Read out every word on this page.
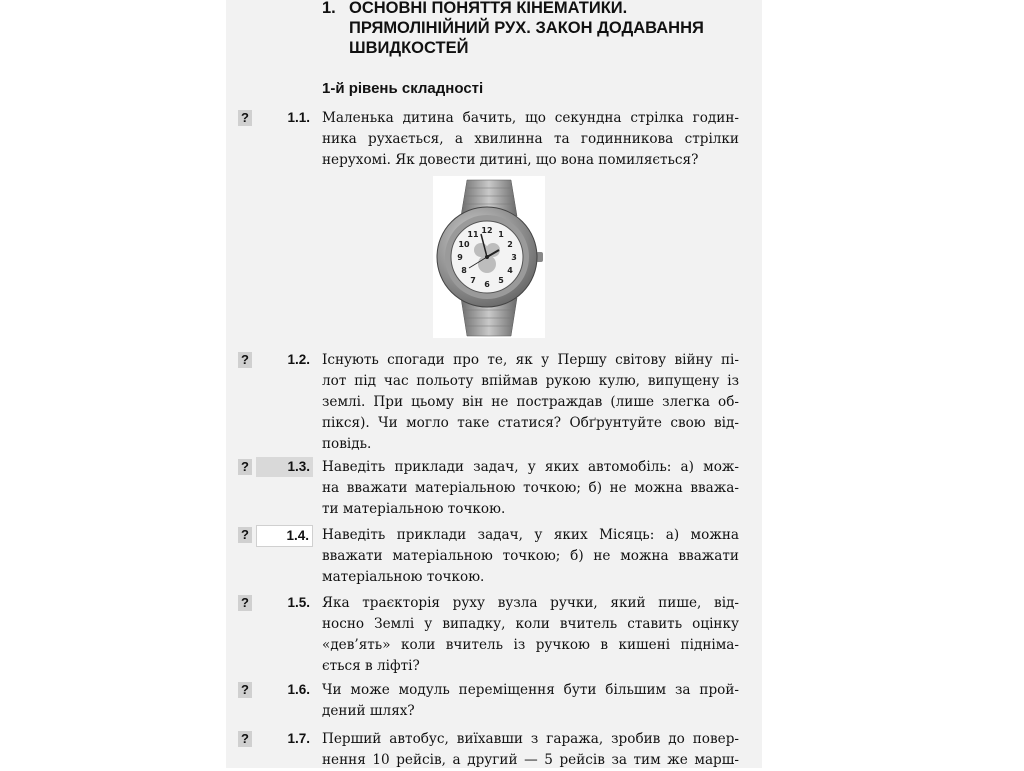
1. ОСНОВНІ ПОНЯТТЯ КІНЕМАТИКИ.
ПРЯМОЛІНІЙНИЙ РУХ. ЗАКОН ДОДАВАННЯ
ШВИДКОСТЕЙ
1-й рівень складності
?	1.1. Маленька дитина бачить, що секундна стрілка годин-
ника рухається, а хвилинна та годинникова стрілки
нерухомі. Як довести дитині, що вона помиляється?
12 1
2
3
4
5
6
7
8
9
10
11
?	1.2. Існують спогади про те, як у Першу світову війну пі-
лот під час польоту впіймав рукою кулю, випущену із
землі. При цьому він не постраждав (лише злегка об-
пікся). Чи могло таке статися? Обґрунтуйте свою від-
повідь.
?	1.3. Наведіть приклади задач, у яких автомобіль: а) мож-
на вважати матеріальною точкою; б) не можна вважа-
ти матеріальною точкою.
?	1.4. Наведіть приклади задач, у яких Місяць: а) можна
вважати матеріальною точкою; б) не можна вважати
матеріальною точкою.
?	1.5. Яка траєкторія руху вузла ручки, який пише, від-
носно Землі у випадку, коли вчитель ставить оцінку
«дев’ять» коли вчитель із ручкою в кишені підніма-
ється в ліфті?
?	1.6. Чи може модуль переміщення бути більшим за прой-
дений шлях?
?	1.7. Перший автобус, виїхавши з гаража, зробив до повер-
нення 10 рейсів, а другий — 5 рейсів за тим же марш-
